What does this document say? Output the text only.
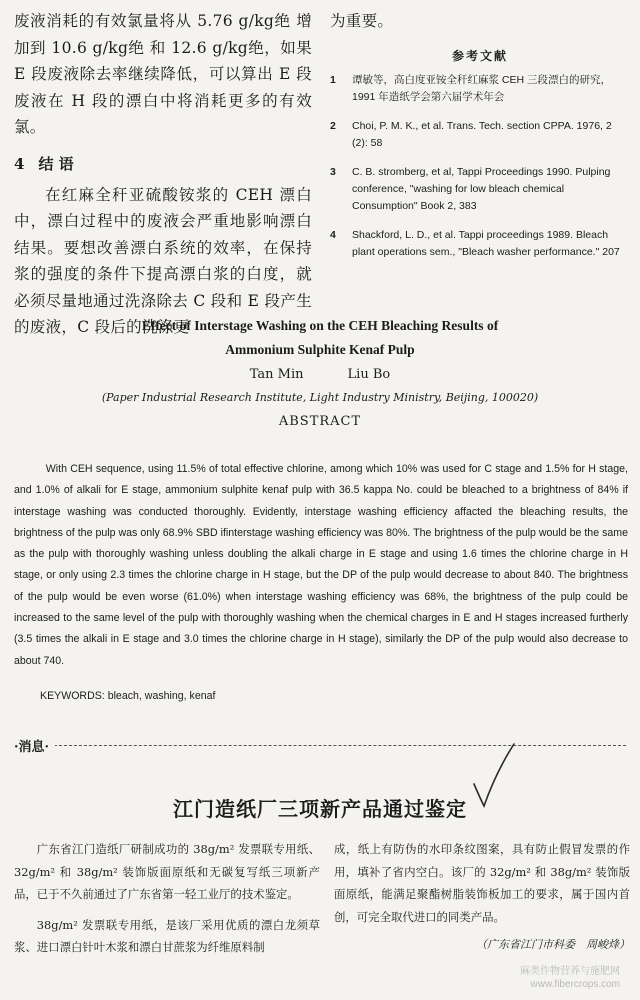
废液消耗的有效氯量将从 5.76 g/kg绝 增加到 10.6 g/kg绝 和 12.6 g/kg绝，如果 E 段废液除去率继续降低，可以算出 E 段废液在 H 段的漂白中将消耗更多的有效氯。

4 结 语

在红麻全秆亚硫酸铵浆的 CEH 漂白中，漂白过程中的废液会严重地影响漂白结果。要想改善漂白系统的效率，在保持浆的强度的条件下提高漂白浆的白度，就必须尽量地通过洗涤除去 C 段和 E 段产生的废液，C 段后的洗涤更

为重要。

参考文献
1 谭敏等，高白度亚铵全秆红麻浆 CEH 三段漂白的研究，1991 年造纸学会第六届学术年会
2 Choi, P. M. K., et al. Trans. Tech. section CPPA. 1976, 2 (2): 58
3 C. B. stromberg, et al, Tappi Proceedings 1990. Pulping conference, "washing for low bleach chemical Consumption" Book 2, 383
4 Shackford, L. D., et al. Tappi proceedings 1989. Bleach plant operations sem., "Bleach washer performance." 207
Effect of Interstage Washing on the CEH Bleaching Results of
Ammonium Sulphite Kenaf Pulp
Tan Min	Liu Bo
(Paper Industrial Research Institute, Light Industry Ministry, Beijing, 100020)
ABSTRACT

With CEH sequence, using 11.5% of total effective chlorine, among which 10% was used for C stage and 1.5% for H stage, and 1.0% of alkali for E stage, ammonium sulphite kenaf pulp with 36.5 kappa No. could be bleached to a brightness of 84% if interstage washing was conducted thoroughly. Evidently, interstage washing efficiency affacted the bleaching results, the brightness of the pulp was only 68.9% SBD ifinterstage washing efficiency was 80%. The brightness of the pulp would be the same as the pulp with thoroughly washing unless doubling the alkali charge in E stage and using 1.6 times the chlorine charge in H stage, or only using 2.3 times the chlorine charge in H stage, but the DP of the pulp would decrease to about 840. The brightness of the pulp would be even worse (61.0%) when interstage washing efficiency was 68%, the brightness of the pulp could be increased to the same level of the pulp with thoroughly washing when the chemical charges in E and H stages increased furtherly (3.5 times the alkali in E stage and 3.0 times the chlorine charge in H stage), similarly the DP of the pulp would also decrease to about 740.

KEYWORDS: bleach, washing, kenaf
·消息·
江门造纸厂三项新产品通过鉴定

广东省江门造纸厂研制成功的 38g/m² 发票联专用纸、32g/m² 和 38g/m² 装饰版面原纸和无碳复写纸三项新产品，已于不久前通过了广东省第一轻工业厅的技术鉴定。

38g/m² 发票联专用纸，是该厂采用优质的漂白龙须草浆、进口漂白针叶木浆和漂白甘蔗浆为纤维原料制

成，纸上有防伪的水印条纹图案，具有防止假冒发票的作用，填补了省内空白。该厂的 32g/m² 和 38g/m² 装饰版面原纸，能满足聚酯树脂装饰板加工的要求，属于国内首创，可完全取代进口的同类产品。

（广东省江门市科委　周峻烽）
麻类作物营养与施肥网
www.fibercrops.com
